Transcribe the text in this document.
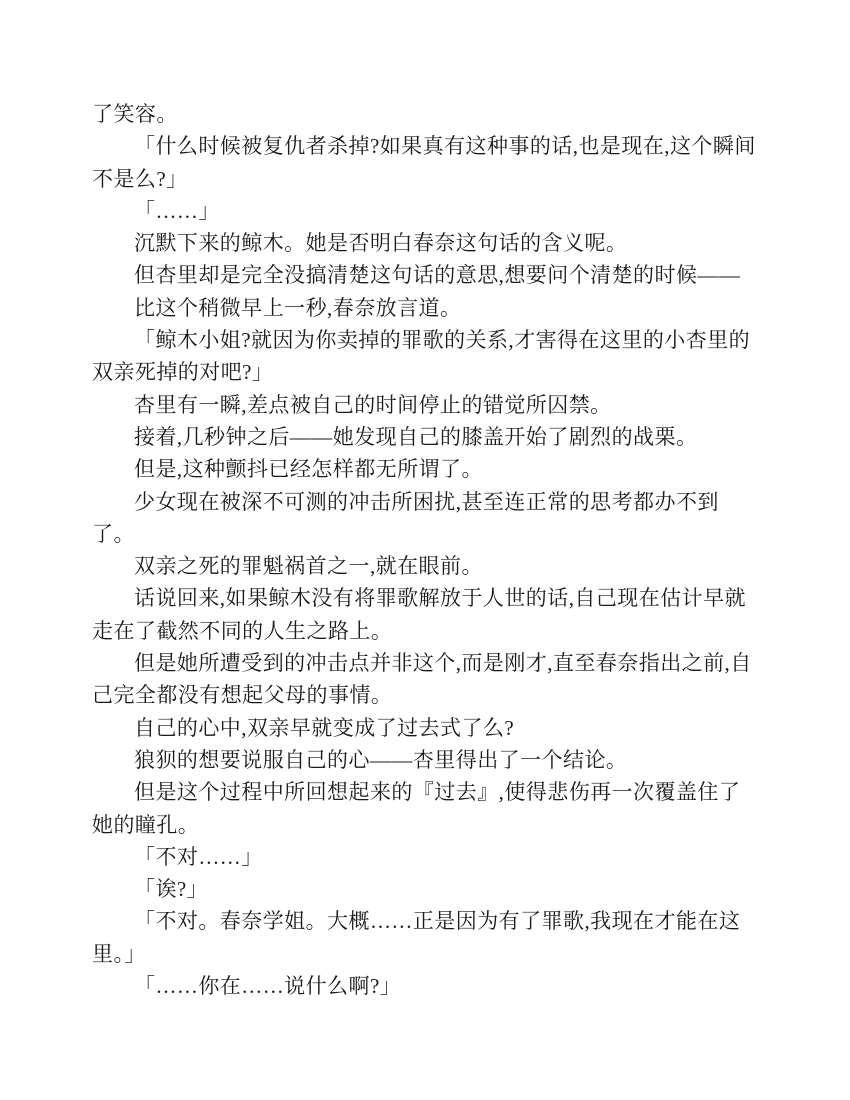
了笑容。

「什么时候被复仇者杀掉?如果真有这种事的话,也是现在,这个瞬间不是么?」

「……」

沉默下来的鲸木。她是否明白春奈这句话的含义呢。

但杏里却是完全没搞清楚这句话的意思,想要问个清楚的时候——

比这个稍微早上一秒,春奈放言道。

「鲸木小姐?就因为你卖掉的罪歌的关系,才害得在这里的小杏里的双亲死掉的对吧?」

杏里有一瞬,差点被自己的时间停止的错觉所囚禁。

接着,几秒钟之后——她发现自己的膝盖开始了剧烈的战栗。

但是,这种颤抖已经怎样都无所谓了。

少女现在被深不可测的冲击所困扰,甚至连正常的思考都办不到了。

双亲之死的罪魁祸首之一,就在眼前。

话说回来,如果鲸木没有将罪歌解放于人世的话,自己现在估计早就走在了截然不同的人生之路上。

但是她所遭受到的冲击点并非这个,而是刚才,直至春奈指出之前,自己完全都没有想起父母的事情。

自己的心中,双亲早就变成了过去式了么?

狼狈的想要说服自己的心——杏里得出了一个结论。

但是这个过程中所回想起来的『过去』,使得悲伤再一次覆盖住了她的瞳孔。

「不对……」

「诶?」

「不对。春奈学姐。大概……正是因为有了罪歌,我现在才能在这里。」

「……你在……说什么啊?」
